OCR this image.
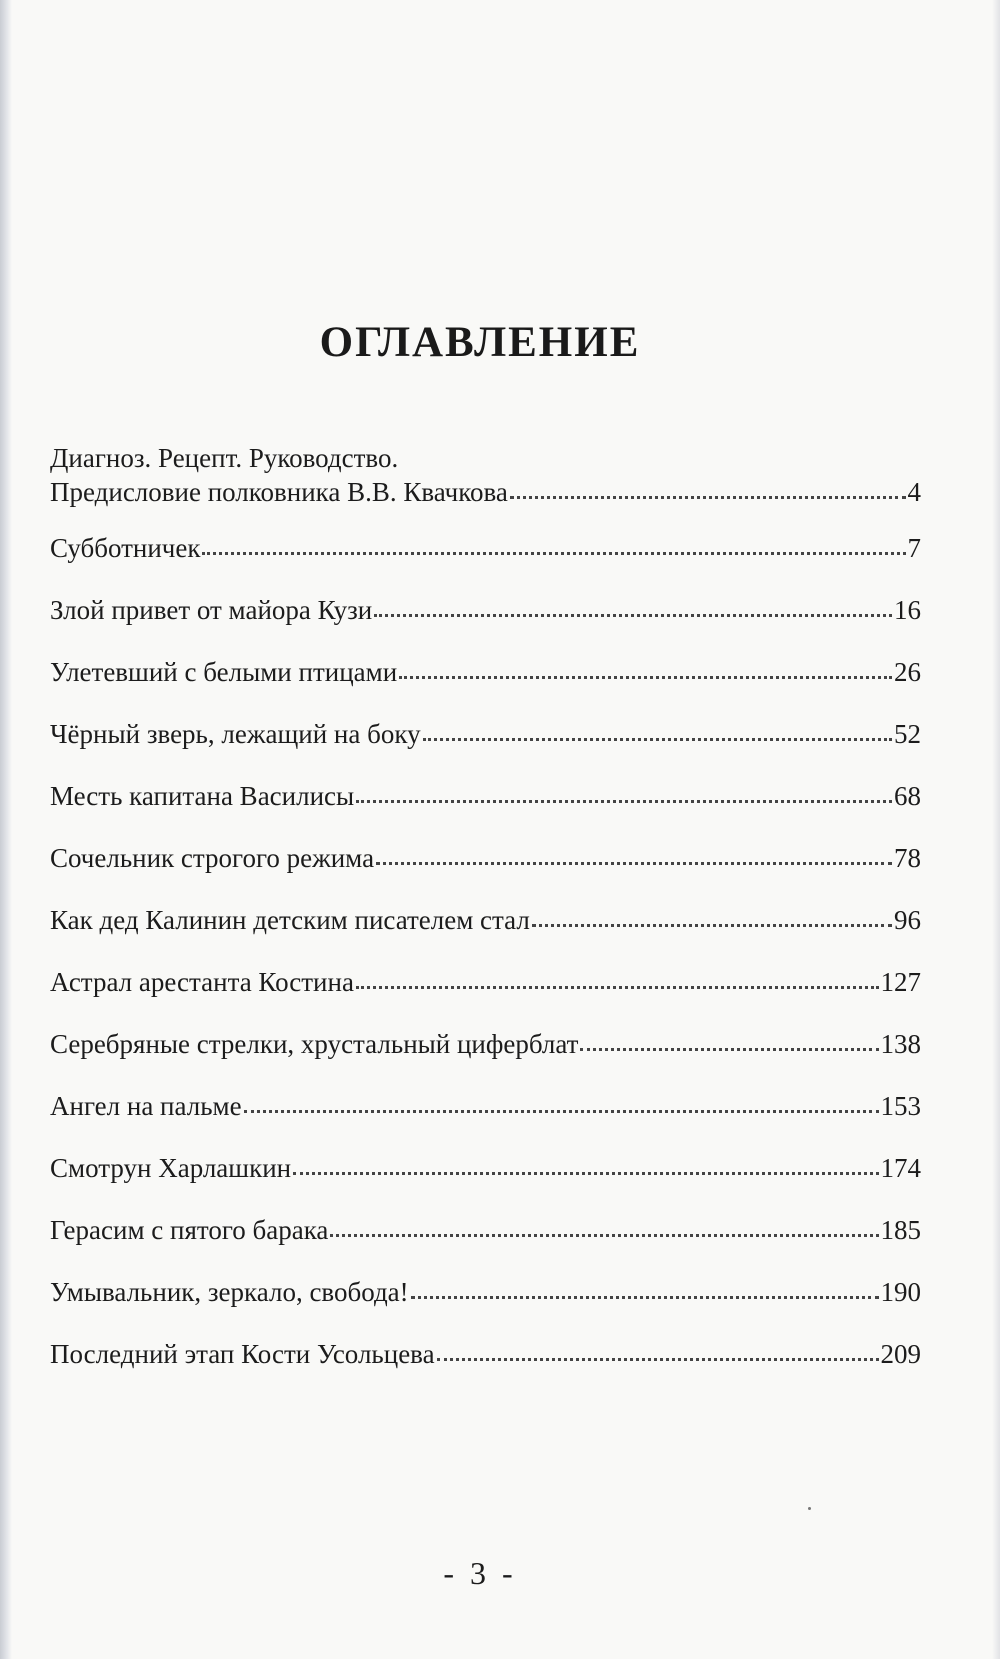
ОГЛАВЛЕНИЕ
Диагноз. Рецепт. Руководство.
Предисловие полковника В.В. Квачкова	4
Субботничек	7
Злой привет от майора Кузи	16
Улетевший с белыми птицами	26
Чёрный зверь, лежащий на боку	52
Месть капитана Василисы	68
Сочельник строгого режима	78
Как дед Калинин детским писателем стал	96
Астрал арестанта Костина	127
Серебряные стрелки, хрустальный циферблат	138
Ангел на пальме	153
Смотрун Харлашкин	174
Герасим с пятого барака	185
Умывальник, зеркало, свобода!	190
Последний этап Кости Усольцева	209
- 3 -
